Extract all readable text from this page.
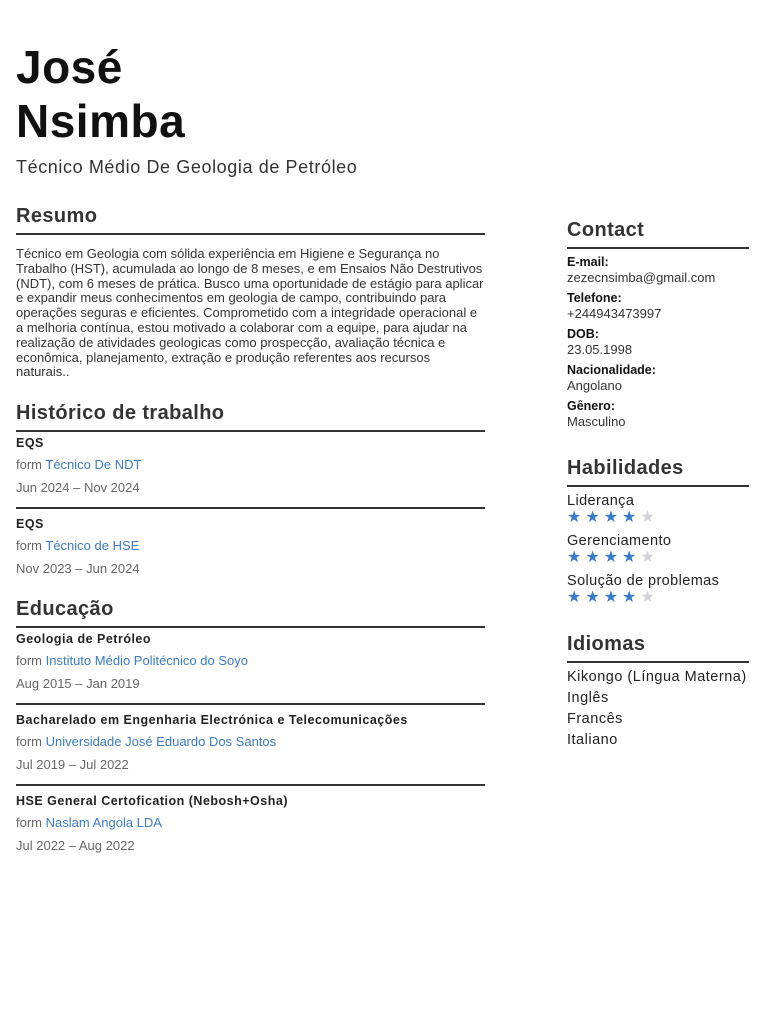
José
Nsimba
Técnico Médio De Geologia de Petróleo
Resumo
Técnico em Geologia com sólida experiência em Higiene e Segurança no Trabalho (HST), acumulada ao longo de 8 meses, e em Ensaios Não Destrutivos (NDT), com 6 meses de prática. Busco uma oportunidade de estágio para aplicar e expandir meus conhecimentos em geologia de campo, contribuindo para operações seguras e eficientes. Comprometido com a integridade operacional e a melhoria contínua, estou motivado a colaborar com a equipe, para ajudar na realização de atividades geologicas como prospecção, avaliação técnica e econômica, planejamento, extração e produção referentes aos recursos naturais..
Histórico de trabalho
EQS
form Técnico De NDT
Jun 2024 – Nov 2024
EQS
form Técnico de HSE
Nov 2023 – Jun 2024
Educação
Geologia de Petróleo
form Instituto Médio Politécnico do Soyo
Aug 2015 – Jan 2019
Bacharelado em Engenharia Electrónica e Telecomunicações
form Universidade José Eduardo Dos Santos
Jul 2019 – Jul 2022
HSE General Certofication (Nebosh+Osha)
form Naslam Angola LDA
Jul 2022 – Aug 2022
Contact
E-mail:
zezecnsimba@gmail.com
Telefone:
+244943473997
DOB:
23.05.1998
Nacionalidade:
Angolano
Gênero:
Masculino
Habilidades
Liderança
★★★★★
Gerenciamento
★★★★★
Solução de problemas
★★★★★
Idiomas
Kikongo (Língua Materna)
Inglês
Francês
Italiano
